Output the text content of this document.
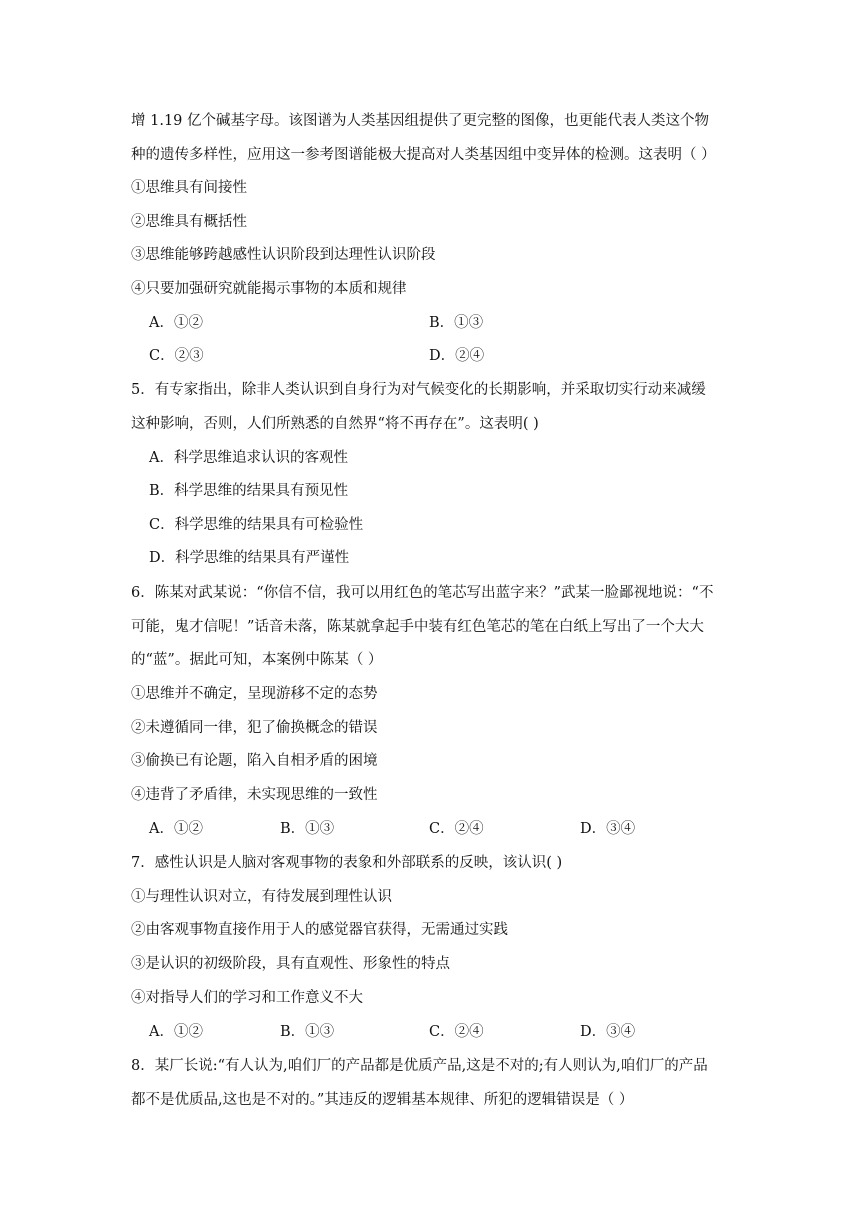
增 1.19 亿个碱基字母。该图谱为人类基因组提供了更完整的图像，也更能代表人类这个物
种的遗传多样性，应用这一参考图谱能极大提高对人类基因组中变异体的检测。这表明（ ）
①思维具有间接性
②思维具有概括性
③思维能够跨越感性认识阶段到达理性认识阶段
④只要加强研究就能揭示事物的本质和规律
A．①②	B．①③
C．②③	D．②④
5．有专家指出，除非人类认识到自身行为对气候变化的长期影响，并采取切实行动来减缓
这种影响，否则，人们所熟悉的自然界“将不再存在”。这表明( )
A．科学思维追求认识的客观性
B．科学思维的结果具有预见性
C．科学思维的结果具有可检验性
D．科学思维的结果具有严谨性
6．陈某对武某说：“你信不信，我可以用红色的笔芯写出蓝字来？”武某一脸鄙视地说：“不
可能，鬼才信呢！”话音未落，陈某就拿起手中装有红色笔芯的笔在白纸上写出了一个大大
的“蓝”。据此可知，本案例中陈某（ ）
①思维并不确定，呈现游移不定的态势
②未遵循同一律，犯了偷换概念的错误
③偷换已有论题，陷入自相矛盾的困境
④违背了矛盾律，未实现思维的一致性
A．①②	B．①③	C．②④	D．③④
7．感性认识是人脑对客观事物的表象和外部联系的反映，该认识( )
①与理性认识对立，有待发展到理性认识
②由客观事物直接作用于人的感觉器官获得，无需通过实践
③是认识的初级阶段，具有直观性、形象性的特点
④对指导人们的学习和工作意义不大
A．①②	B．①③	C．②④	D．③④
8．某厂长说:“有人认为,咱们厂的产品都是优质产品,这是不对的;有人则认为,咱们厂的产品
都不是优质品,这也是不对的。”其违反的逻辑基本规律、所犯的逻辑错误是（ ）
